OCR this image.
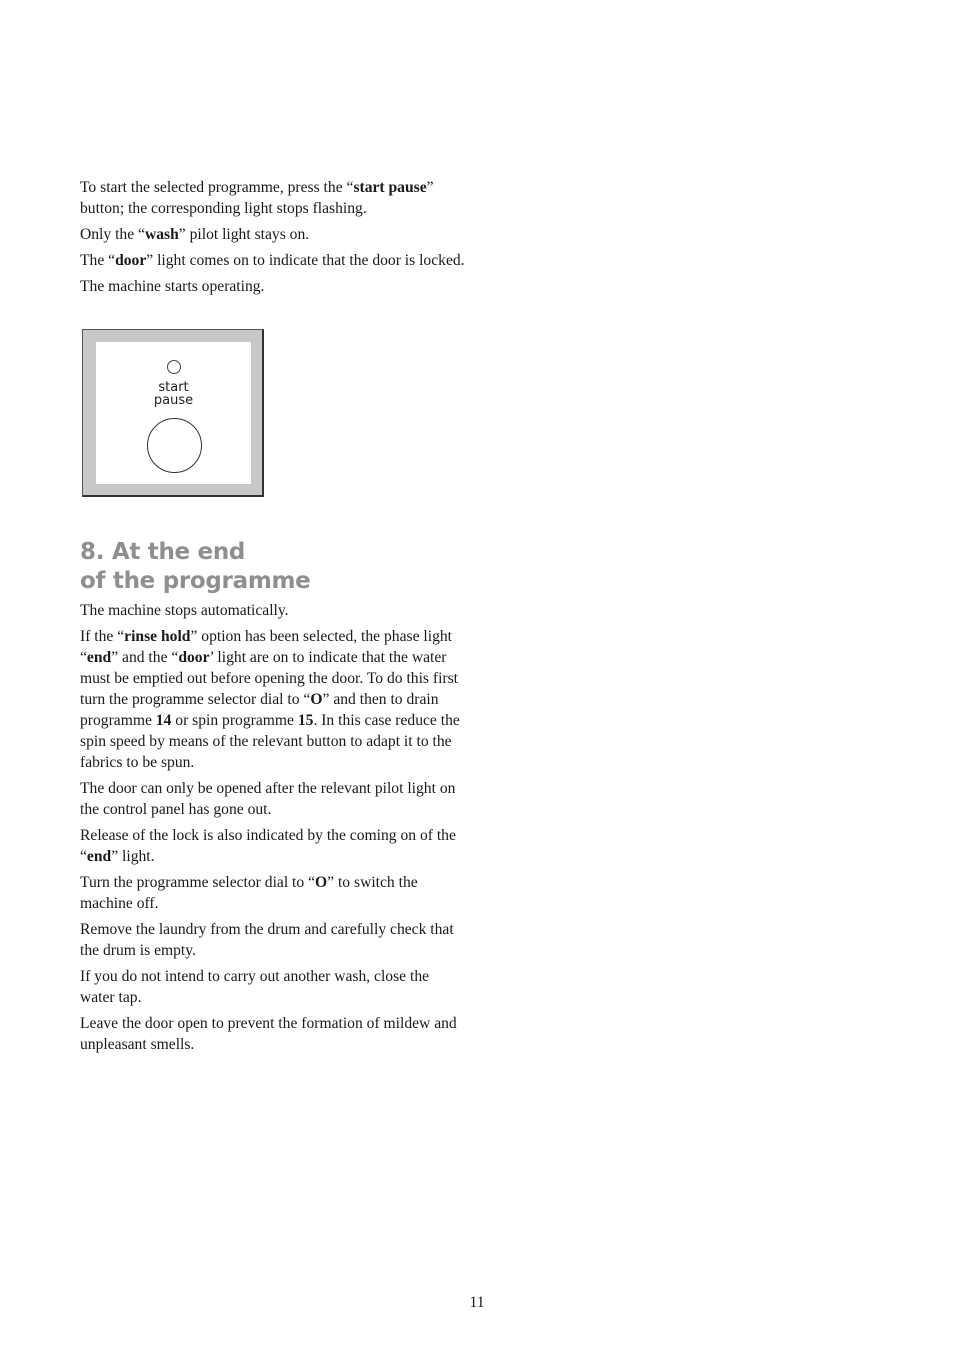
To start the selected programme, press the “start pause” button; the corresponding light stops flashing.

Only the “wash” pilot light stays on.

The “door” light comes on to indicate that the door is locked.

The machine starts operating.

start
pause
8. At the end
of the programme

The machine stops automatically.

If the “rinse hold” option has been selected, the phase light “end” and the “door’ light are on to indicate that the water must be emptied out before opening the door. To do this first turn the programme selector dial to “O” and then to drain programme 14 or spin programme 15. In this case reduce the spin speed by means of the relevant button to adapt it to the fabrics to be spun.

The door can only be opened after the relevant pilot light on the control panel has gone out.

Release of the lock is also indicated by the coming on of the “end” light.

Turn the programme selector dial to “O” to switch the machine off.

Remove the laundry from the drum and carefully check that the drum is empty.

If you do not intend to carry out another wash, close the water tap.

Leave the door open to prevent the formation of mildew and unpleasant smells.

11
